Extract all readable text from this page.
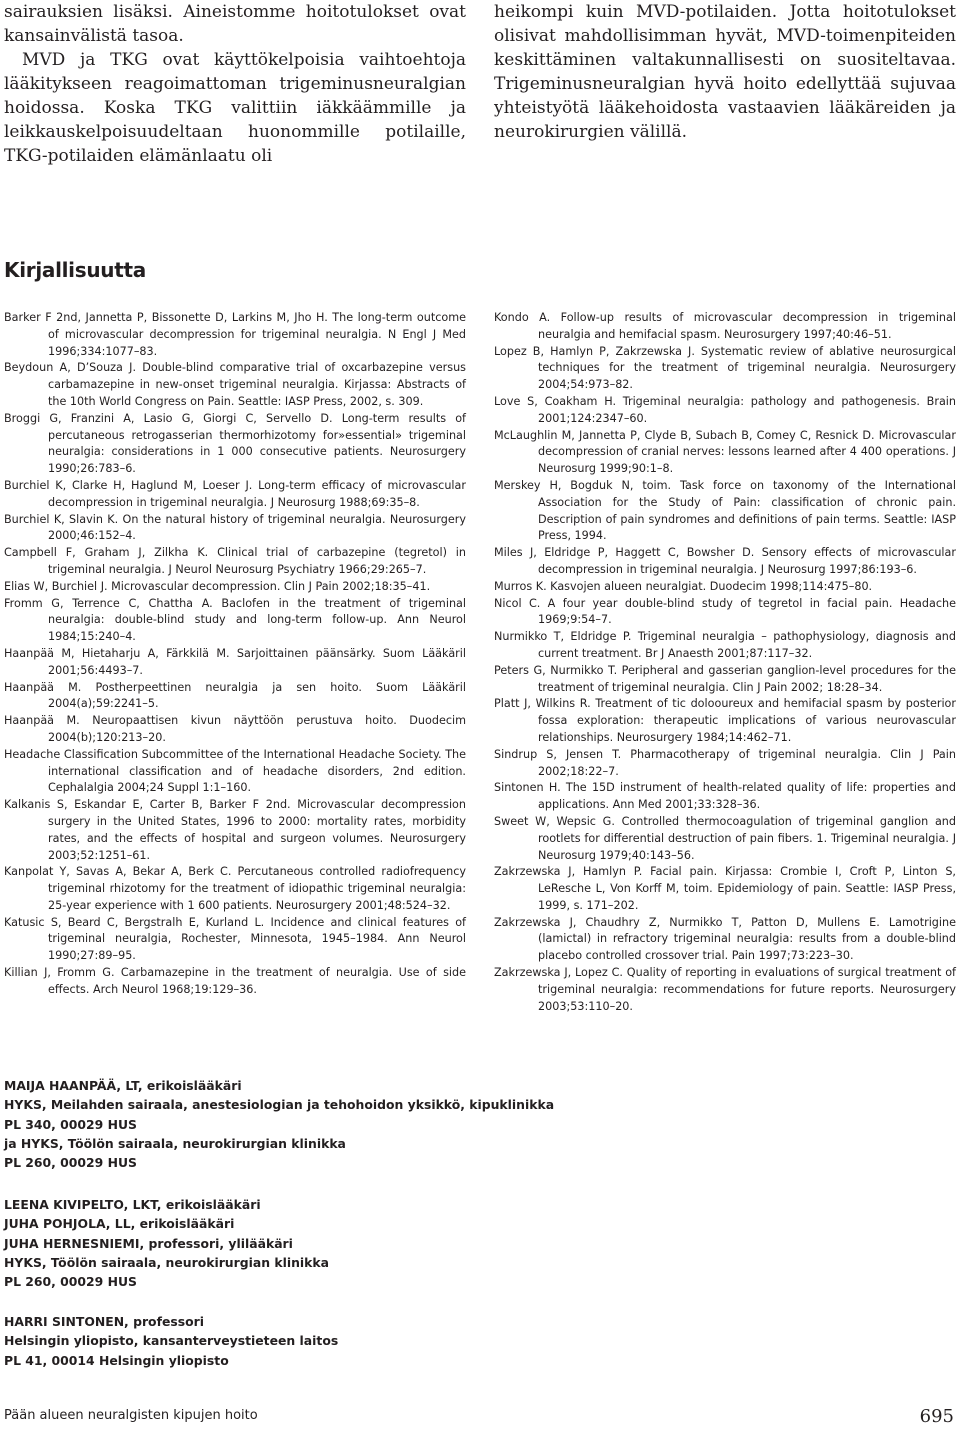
sairauksien lisäksi. Aineistomme hoitotulokset ovat kansainvälistä tasoa.

MVD ja TKG ovat käyttökelpoisia vaihtoehtoja lääkitykseen reagoimattoman trigeminusneuralgian hoidossa. Koska TKG valittiin iäkkäämmille ja leikkauskelpoisuudeltaan huonommille potilaille, TKG-potilaiden elämänlaatu oli

heikompi kuin MVD-potilaiden. Jotta hoitotulokset olisivat mahdollisimman hyvät, MVD-toimenpiteiden keskittäminen valtakunnallisesti on suositeltavaa. Trigeminusneuralgian hyvä hoito edellyttää sujuvaa yhteistyötä lääkehoidosta vastaavien lääkäreiden ja neurokirurgien välillä.

Kirjallisuutta
Barker F 2nd, Jannetta P, Bissonette D, Larkins M, Jho H. The long-term outcome of microvascular decompression for trigeminal neuralgia. N Engl J Med 1996;334:1077–83.
Beydoun A, D’Souza J. Double-blind comparative trial of oxcarbazepine versus carbamazepine in new-onset trigeminal neuralgia. Kirjassa: Abstracts of the 10th World Congress on Pain. Seattle: IASP Press, 2002, s. 309.
Broggi G, Franzini A, Lasio G, Giorgi C, Servello D. Long-term results of percutaneous retrogasserian thermorhizotomy for»essential» trigeminal neuralgia: considerations in 1 000 consecutive patients. Neurosurgery 1990;26:783–6.
Burchiel K, Clarke H, Haglund M, Loeser J. Long-term efficacy of microvascular decompression in trigeminal neuralgia. J Neurosurg 1988;69:35–8.
Burchiel K, Slavin K. On the natural history of trigeminal neuralgia. Neurosurgery 2000;46:152–4.
Campbell F, Graham J, Zilkha K. Clinical trial of carbazepine (tegretol) in trigeminal neuralgia. J Neurol Neurosurg Psychiatry 1966;29:265–7.
Elias W, Burchiel J. Microvascular decompression. Clin J Pain 2002;18:35–41.
Fromm G, Terrence C, Chattha A. Baclofen in the treatment of trigeminal neuralgia: double-blind study and long-term follow-up. Ann Neurol 1984;15:240–4.
Haanpää M, Hietaharju A, Färkkilä M. Sarjoittainen päänsärky. Suom Lääkäril 2001;56:4493–7.
Haanpää M. Postherpeettinen neuralgia ja sen hoito. Suom Lääkäril 2004(a);59:2241–5.
Haanpää M. Neuropaattisen kivun näyttöön perustuva hoito. Duodecim 2004(b);120:213–20.
Headache Classification Subcommittee of the International Headache Society. The international classification and of headache disorders, 2nd edition. Cephalalgia 2004;24 Suppl 1:1–160.
Kalkanis S, Eskandar E, Carter B, Barker F 2nd. Microvascular decompression surgery in the United States, 1996 to 2000: mortality rates, morbidity rates, and the effects of hospital and surgeon volumes. Neurosurgery 2003;52:1251–61.
Kanpolat Y, Savas A, Bekar A, Berk C. Percutaneous controlled radiofrequency trigeminal rhizotomy for the treatment of idiopathic trigeminal neuralgia: 25-year experience with 1 600 patients. Neurosurgery 2001;48:524–32.
Katusic S, Beard C, Bergstralh E, Kurland L. Incidence and clinical features of trigeminal neuralgia, Rochester, Minnesota, 1945–1984. Ann Neurol 1990;27:89–95.
Killian J, Fromm G. Carbamazepine in the treatment of neuralgia. Use of side effects. Arch Neurol 1968;19:129–36.
Kondo A. Follow-up results of microvascular decompression in trigeminal neuralgia and hemifacial spasm. Neurosurgery 1997;40:46–51.
Lopez B, Hamlyn P, Zakrzewska J. Systematic review of ablative neurosurgical techniques for the treatment of trigeminal neuralgia. Neurosurgery 2004;54:973–82.
Love S, Coakham H. Trigeminal neuralgia: pathology and pathogenesis. Brain 2001;124:2347–60.
McLaughlin M, Jannetta P, Clyde B, Subach B, Comey C, Resnick D. Microvascular decompression of cranial nerves: lessons learned after 4 400 operations. J Neurosurg 1999;90:1–8.
Merskey H, Bogduk N, toim. Task force on taxonomy of the International Association for the Study of Pain: classification of chronic pain. Description of pain syndromes and definitions of pain terms. Seattle: IASP Press, 1994.
Miles J, Eldridge P, Haggett C, Bowsher D. Sensory effects of microvascular decompression in trigeminal neuralgia. J Neurosurg 1997;86:193–6.
Murros K. Kasvojen alueen neuralgiat. Duodecim 1998;114:475–80.
Nicol C. A four year double-blind study of tegretol in facial pain. Headache 1969;9:54–7.
Nurmikko T, Eldridge P. Trigeminal neuralgia – pathophysiology, diagnosis and current treatment. Br J Anaesth 2001;87:117–32.
Peters G, Nurmikko T. Peripheral and gasserian ganglion-level procedures for the treatment of trigeminal neuralgia. Clin J Pain 2002; 18:28–34.
Platt J, Wilkins R. Treatment of tic dolooureux and hemifacial spasm by posterior fossa exploration: therapeutic implications of various neurovascular relationships. Neurosurgery 1984;14:462–71.
Sindrup S, Jensen T. Pharmacotherapy of trigeminal neuralgia. Clin J Pain 2002;18:22–7.
Sintonen H. The 15D instrument of health-related quality of life: properties and applications. Ann Med 2001;33:328–36.
Sweet W, Wepsic G. Controlled thermocoagulation of trigeminal ganglion and rootlets for differential destruction of pain fibers. 1. Trigeminal neuralgia. J Neurosurg 1979;40:143–56.
Zakrzewska J, Hamlyn P. Facial pain. Kirjassa: Crombie I, Croft P, Linton S, LeResche L, Von Korff M, toim. Epidemiology of pain. Seattle: IASP Press, 1999, s. 171–202.
Zakrzewska J, Chaudhry Z, Nurmikko T, Patton D, Mullens E. Lamotrigine (lamictal) in refractory trigeminal neuralgia: results from a double-blind placebo controlled crossover trial. Pain 1997;73:223–30.
Zakrzewska J, Lopez C. Quality of reporting in evaluations of surgical treatment of trigeminal neuralgia: recommendations for future reports. Neurosurgery 2003;53:110–20.
MAIJA HAANPÄÄ, LT, erikoislääkäri
HYKS, Meilahden sairaala, anestesiologian ja tehohoidon yksikkö, kipuklinikka
PL 340, 00029 HUS
ja HYKS, Töölön sairaala, neurokirurgian klinikka
PL 260, 00029 HUS
LEENA KIVIPELTO, LKT, erikoislääkäri
JUHA POHJOLA, LL, erikoislääkäri
JUHA HERNESNIEMI, professori, ylilääkäri
HYKS, Töölön sairaala, neurokirurgian klinikka
PL 260, 00029 HUS
HARRI SINTONEN, professori
Helsingin yliopisto, kansanterveystieteen laitos
PL 41, 00014 Helsingin yliopisto

Pään alueen neuralgisten kipujen hoito	695
